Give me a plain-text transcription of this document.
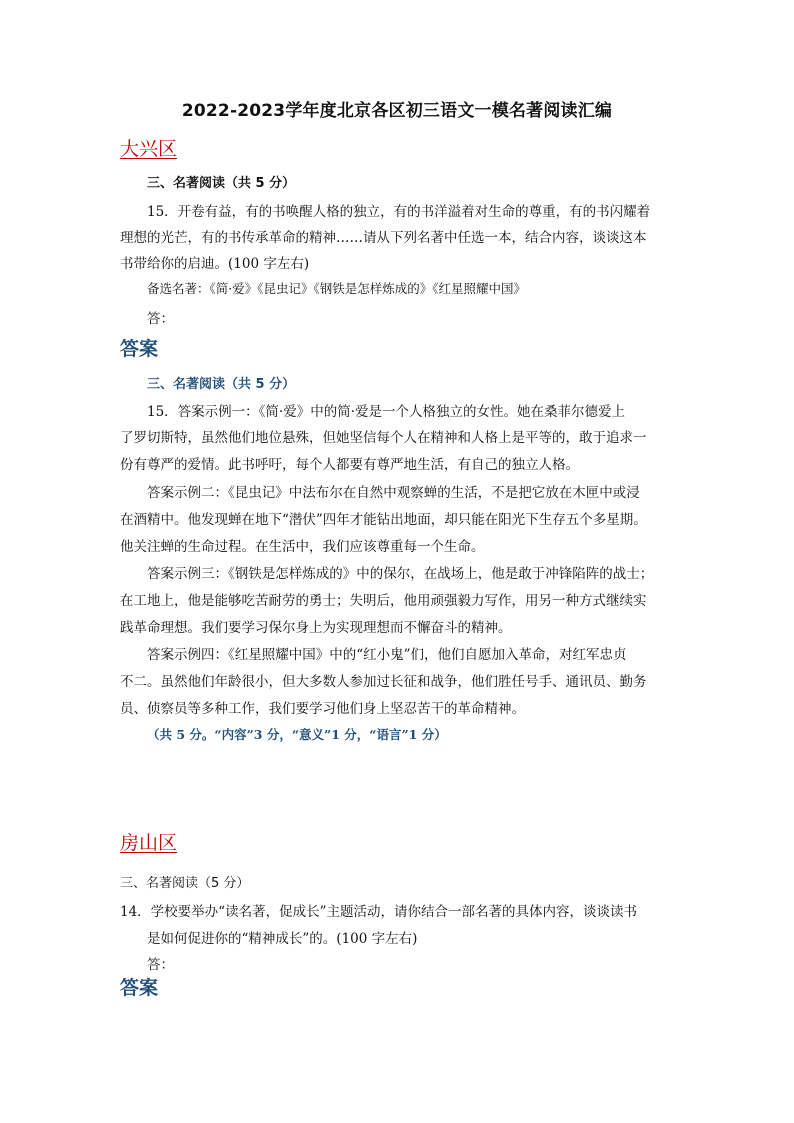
2022-2023学年度北京各区初三语文一模名著阅读汇编
大兴区
三、名著阅读（共 5 分）
15．开卷有益，有的书唤醒人格的独立，有的书洋溢着对生命的尊重，有的书闪耀着
理想的光芒，有的书传承革命的精神……请从下列名著中任选一本，结合内容，谈谈这本
书带给你的启迪。(100 字左右)
备选名著：《简·爱》《昆虫记》《钢铁是怎样炼成的》《红星照耀中国》
答：
答案
三、名著阅读（共 5 分）
15．答案示例一：《简·爱》中的简·爱是一个人格独立的女性。她在桑菲尔德爱上
了罗切斯特，虽然他们地位悬殊，但她坚信每个人在精神和人格上是平等的，敢于追求一
份有尊严的爱情。此书呼吁，每个人都要有尊严地生活，有自己的独立人格。
答案示例二：《昆虫记》中法布尔在自然中观察蝉的生活，不是把它放在木匣中或浸
在酒精中。他发现蝉在地下“潜伏”四年才能钻出地面，却只能在阳光下生存五个多星期。
他关注蝉的生命过程。在生活中，我们应该尊重每一个生命。
答案示例三：《钢铁是怎样炼成的》中的保尔，在战场上，他是敢于冲锋陷阵的战士；
在工地上，他是能够吃苦耐劳的勇士；失明后，他用顽强毅力写作，用另一种方式继续实
践革命理想。我们要学习保尔身上为实现理想而不懈奋斗的精神。
答案示例四：《红星照耀中国》中的“红小鬼”们，他们自愿加入革命，对红军忠贞
不二。虽然他们年龄很小，但大多数人参加过长征和战争，他们胜任号手、通讯员、勤务
员、侦察员等多种工作，我们要学习他们身上坚忍苦干的革命精神。
（共 5 分。“内容”3 分，“意义”1 分，“语言”1 分）
房山区
三、名著阅读（5 分）
14．学校要举办“读名著，促成长”主题活动，请你结合一部名著的具体内容，谈谈读书
是如何促进你的“精神成长”的。(100 字左右)
答：
答案
